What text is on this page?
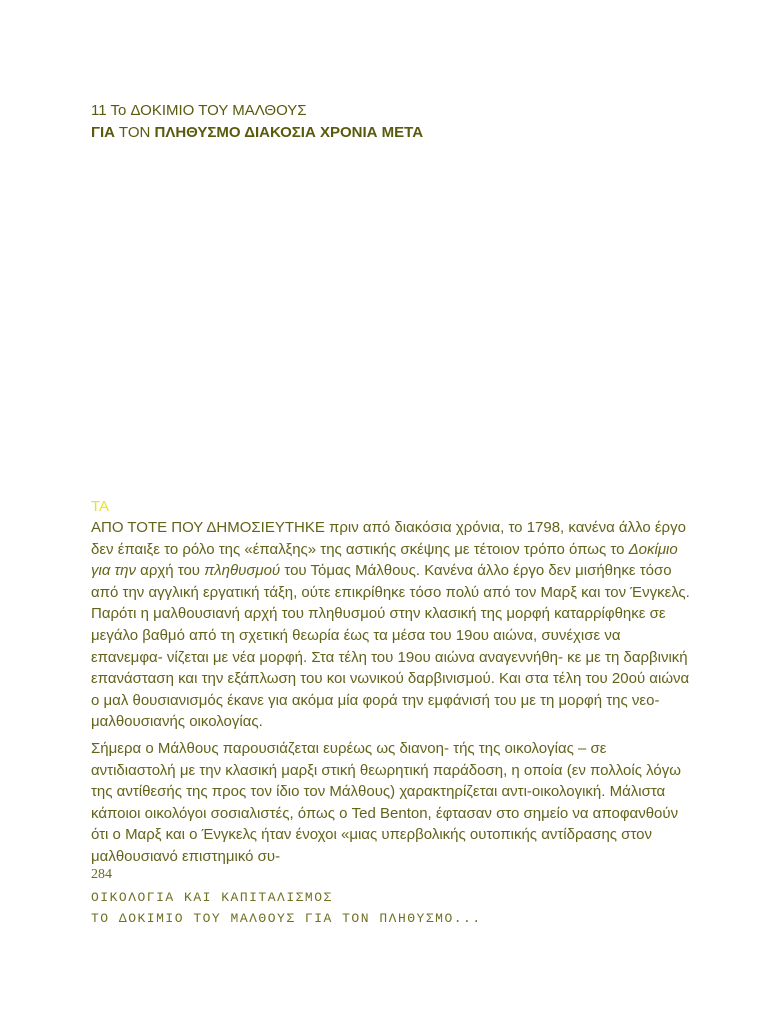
11 To ΔΟΚΙΜΙΟ ΤΟΥ ΜΑΛΘΟΥΣ
ΓΙΑ ΤΟΝ ΠΛΗΘΥΣΜΟ ΔΙΑΚΟΣΙΑ ΧΡΟΝΙΑ ΜΕΤΑ
ΤΑ
ΑΠΟ ΤΟΤΕ ΠΟΥ ΔΗΜΟΣΙΕΥΤΗΚΕ πριν από διακόσια χρόνια, το 1798, κανένα άλλο έργο δεν έπαιξε το ρόλο της «έπαλξης» της αστικής σκέψης με τέτοιον τρόπο όπως το Δοκίμιο για την αρχή του πληθυσμού του Τόμας Μάλθους. Κανένα άλλο έργο δεν μισήθηκε τόσο από την αγγλική εργατική τάξη, ούτε επικρίθηκε τόσο πολύ από τον Μαρξ και τον Ένγκελς. Παρότι η μαλθουσιανή αρχή του πληθυσμού στην κλασική της μορφή καταρρίφθηκε σε μεγάλο βαθμό από τη σχετική θεωρία έως τα μέσα του 19ου αιώνα, συνέχισε να επανεμφα- νίζεται με νέα μορφή. Στα τέλη του 19ου αιώνα αναγεννήθη- κε με τη δαρβινική επανάσταση και την εξάπλωση του κοι νωνικού δαρβινισμού. Και στα τέλη του 20ού αιώνα ο μαλ θουσιανισμός έκανε για ακόμα μία φορά την εμφάνισή του με τη μορφή της νεο-μαλθουσιανής οικολογίας.
Σήμερα ο Μάλθους παρουσιάζεται ευρέως ως διανοη- τής της οικολογίας – σε αντιδιαστολή με την κλασική μαρξι στική θεωρητική παράδοση, η οποία (εν πολλοίς λόγω της αντίθεσής της προς τον ίδιο τον Μάλθους) χαρακτηρίζεται αντι-οικολογική. Μάλιστα κάποιοι οικολόγοι σοσιαλιστές, όπως ο Ted Benton, έφτασαν στο σημείο να αποφανθούν ότι ο Μαρξ και ο Ένγκελς ήταν ένοχοι «μιας υπερβολικής ουτοπικής αντίδρασης στον μαλθουσιανό επιστημικό συ-
284
ΟΙΚΟΛΟΓΙΑ ΚΑΙ ΚΑΠΙΤΑΛΙΣΜΟΣ
ΤΟ ΔΟΚΙΜΙΟ ΤΟΥ ΜΑΛΘΟΥΣ ΓΙΑ ΤΟΝ ΠΛΗΘΥΣΜΟ...
